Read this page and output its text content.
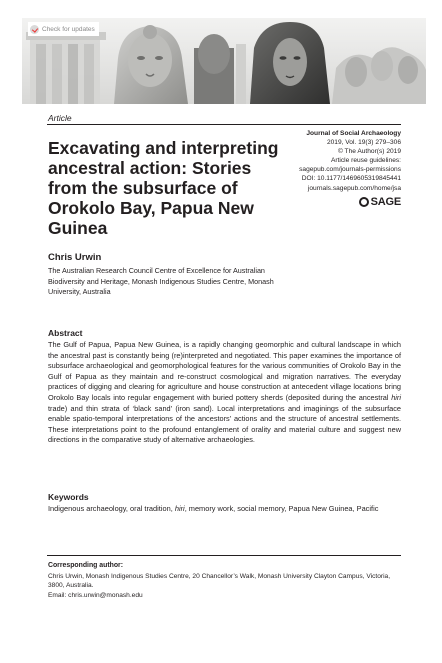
Check for updates
Article
Excavating and interpreting ancestral action: Stories from the subsurface of Orokolo Bay, Papua New Guinea
Journal of Social Archaeology
2019, Vol. 19(3) 279–306
© The Author(s) 2019
Article reuse guidelines:
sagepub.com/journals-permissions
DOI: 10.1177/1469605319845441
journals.sagepub.com/home/jsa
SAGE
Chris Urwin
The Australian Research Council Centre of Excellence for Australian Biodiversity and Heritage, Monash Indigenous Studies Centre, Monash University, Australia
Abstract
The Gulf of Papua, Papua New Guinea, is a rapidly changing geomorphic and cultural landscape in which the ancestral past is constantly being (re)interpreted and negotiated. This paper examines the importance of subsurface archaeological and geomorphological features for the various communities of Orokolo Bay in the Gulf of Papua as they maintain and re-construct cosmological and migration narratives. The everyday practices of digging and clearing for agriculture and house construction at antecedent village locations bring Orokolo Bay locals into regular engagement with buried pottery sherds (deposited during the ancestral hiri trade) and thin strata of ‘black sand’ (iron sand). Local interpretations and imaginings of the subsurface enable spatio-temporal interpretations of the ancestors’ actions and the structure of ancestral settlements. These interpretations point to the profound entanglement of orality and material culture and suggest new directions in the comparative study of alternative archaeologies.
Keywords
Indigenous archaeology, oral tradition, hiri, memory work, social memory, Papua New Guinea, Pacific
Corresponding author:
Chris Urwin, Monash Indigenous Studies Centre, 20 Chancellor’s Walk, Monash University Clayton Campus, Victoria, 3800, Australia.
Email: chris.urwin@monash.edu
